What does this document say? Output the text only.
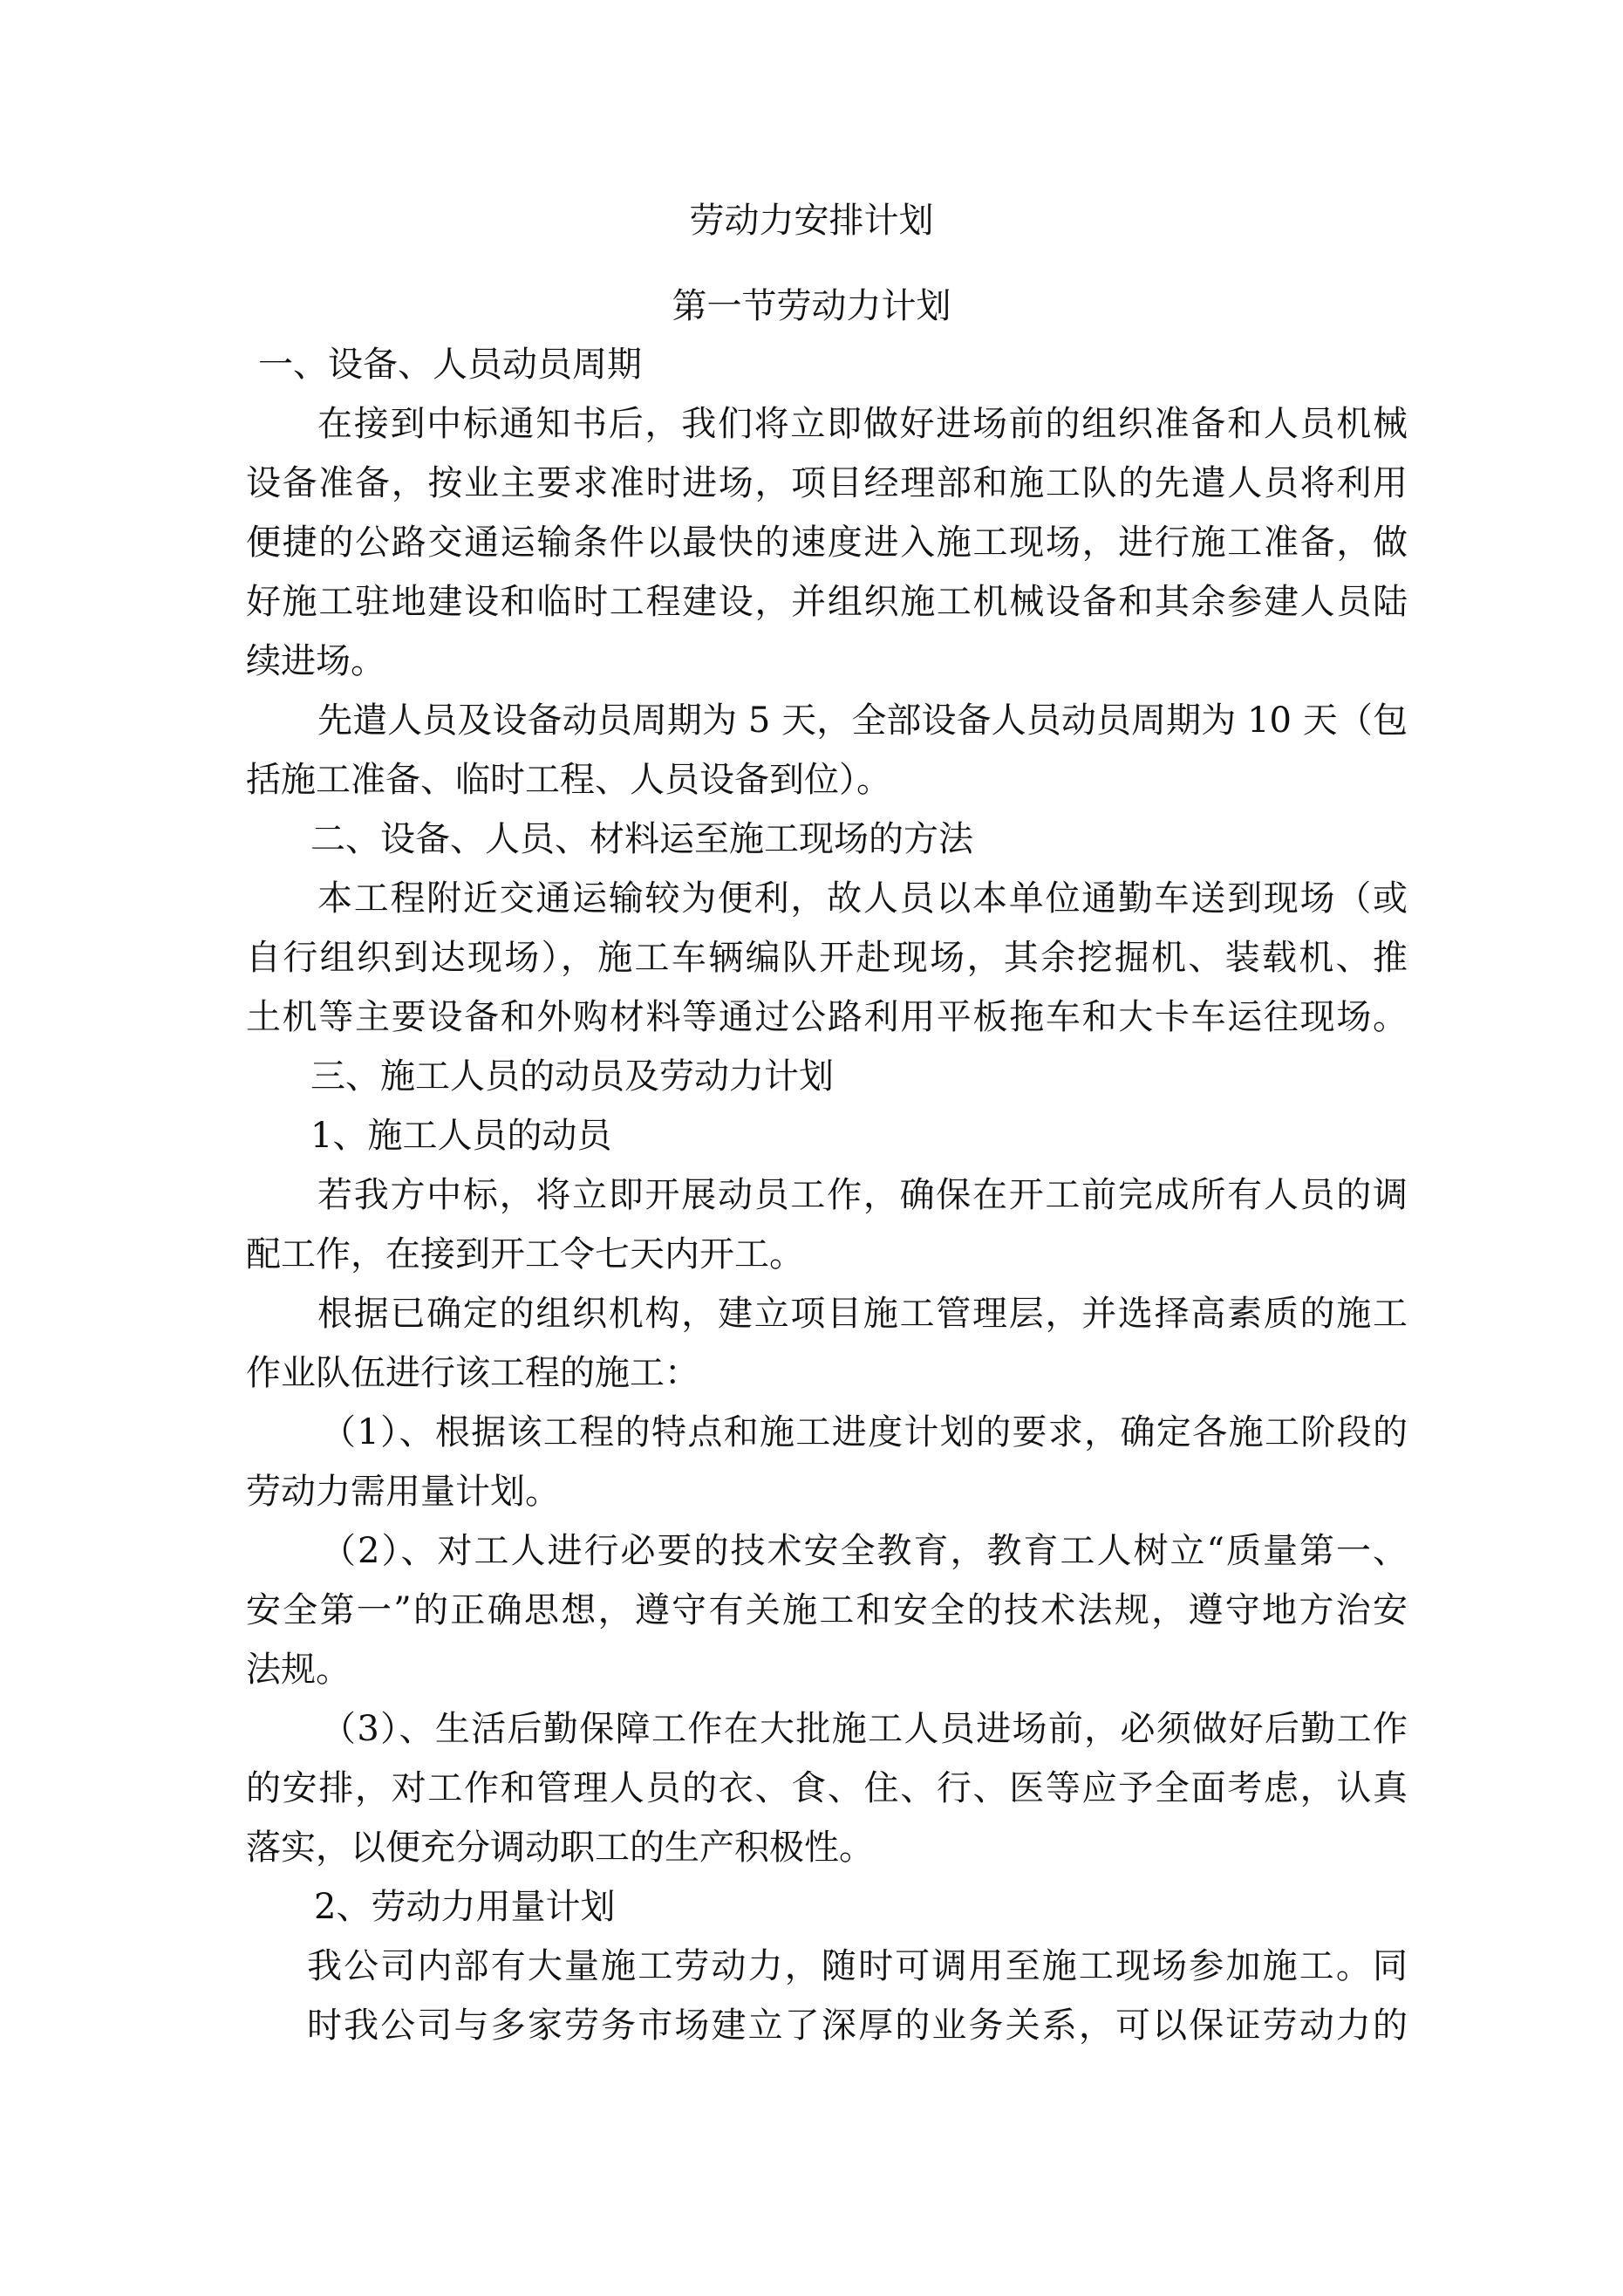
劳动力安排计划
第一节劳动力计划
一、设备、人员动员周期
在接到中标通知书后，我们将立即做好进场前的组织准备和人员机械
设备准备，按业主要求准时进场，项目经理部和施工队的先遣人员将利用
便捷的公路交通运输条件以最快的速度进入施工现场，进行施工准备，做
好施工驻地建设和临时工程建设，并组织施工机械设备和其余参建人员陆
续进场。
先遣人员及设备动员周期为 5 天，全部设备人员动员周期为 10 天（包
括施工准备、临时工程、人员设备到位）。
二、设备、人员、材料运至施工现场的方法
本工程附近交通运输较为便利，故人员以本单位通勤车送到现场（或
自行组织到达现场），施工车辆编队开赴现场，其余挖掘机、装载机、推
土机等主要设备和外购材料等通过公路利用平板拖车和大卡车运往现场。
三、施工人员的动员及劳动力计划
1、施工人员的动员
若我方中标，将立即开展动员工作，确保在开工前完成所有人员的调
配工作，在接到开工令七天内开工。
根据已确定的组织机构，建立项目施工管理层，并选择高素质的施工
作业队伍进行该工程的施工：
（1）、根据该工程的特点和施工进度计划的要求，确定各施工阶段的
劳动力需用量计划。
（2）、对工人进行必要的技术安全教育，教育工人树立“质量第一、
安全第一”的正确思想，遵守有关施工和安全的技术法规，遵守地方治安
法规。
（3）、生活后勤保障工作在大批施工人员进场前，必须做好后勤工作
的安排，对工作和管理人员的衣、食、住、行、医等应予全面考虑，认真
落实，以便充分调动职工的生产积极性。
2、劳动力用量计划
我公司内部有大量施工劳动力，随时可调用至施工现场参加施工。同
时我公司与多家劳务市场建立了深厚的业务关系，可以保证劳动力的
